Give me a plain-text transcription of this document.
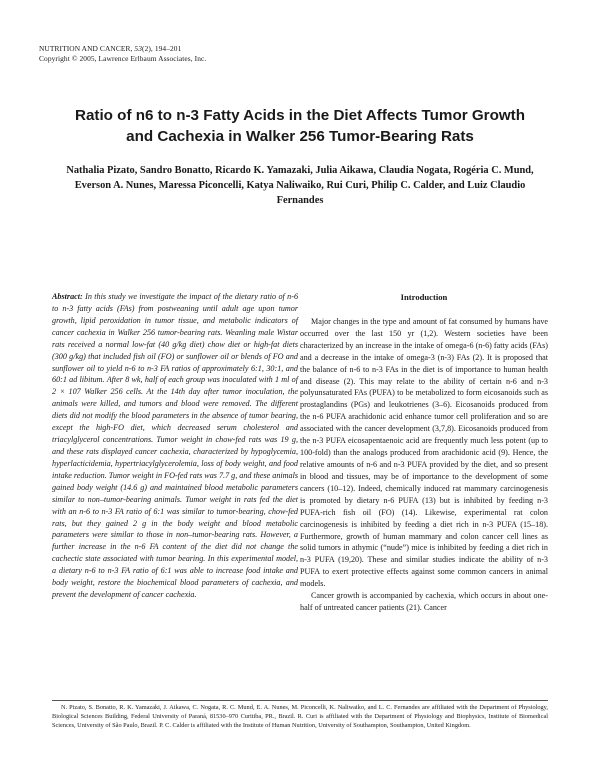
NUTRITION AND CANCER, 53(2), 194–201
Copyright © 2005, Lawrence Erlbaum Associates, Inc.
Ratio of n6 to n-3 Fatty Acids in the Diet Affects Tumor Growth and Cachexia in Walker 256 Tumor-Bearing Rats
Nathalia Pizato, Sandro Bonatto, Ricardo K. Yamazaki, Julia Aikawa, Claudia Nogata, Rogéria C. Mund, Everson A. Nunes, Maressa Piconcelli, Katya Naliwaiko, Rui Curi, Philip C. Calder, and Luiz Claudio Fernandes
Abstract: In this study we investigate the impact of the dietary ratio of n-6 to n-3 fatty acids (FAs) from postweaning until adult age upon tumor growth, lipid peroxidation in tumor tissue, and metabolic indicators of cancer cachexia in Walker 256 tumor-bearing rats. Weanling male Wistar rats received a normal low-fat (40 g/kg diet) chow diet or high-fat diets (300 g/kg) that included fish oil (FO) or sunflower oil or blends of FO and sunflower oil to yield n-6 to n-3 FA ratios of approximately 6:1, 30:1, and 60:1 ad libitum. After 8 wk, half of each group was inoculated with 1 ml of 2 × 107 Walker 256 cells. At the 14th day after tumor inoculation, the animals were killed, and tumors and blood were removed. The different diets did not modify the blood parameters in the absence of tumor bearing, except the high-FO diet, which decreased serum cholesterol and triacylglycerol concentrations. Tumor weight in chow-fed rats was 19 g, and these rats displayed cancer cachexia, characterized by hypoglycemia, hyperlacticidemia, hypertriacylglycerolemia, loss of body weight, and food intake reduction. Tumor weight in FO-fed rats was 7.7 g, and these animals gained body weight (14.6 g) and maintained blood metabolic parameters similar to non–tumor-bearing animals. Tumor weight in rats fed the diet with an n-6 to n-3 FA ratio of 6:1 was similar to tumor-bearing, chow-fed rats, but they gained 2 g in the body weight and blood metabolic parameters were similar to those in non–tumor-bearing rats. However, a further increase in the n-6 FA content of the diet did not change the cachectic state associated with tumor bearing. In this experimental model, a dietary n-6 to n-3 FA ratio of 6:1 was able to increase food intake and body weight, restore the biochemical blood parameters of cachexia, and prevent the development of cancer cachexia.
Introduction

Major changes in the type and amount of fat consumed by humans have occurred over the last 150 yr (1,2). Western societies have been characterized by an increase in the intake of omega-6 (n-6) fatty acids (FAs) and a decrease in the intake of omega-3 (n-3) FAs (2). It is proposed that the balance of n-6 to n-3 FAs in the diet is of importance to human health and disease (2). This may relate to the ability of certain n-6 and n-3 polyunsaturated FAs (PUFA) to be metabolized to form eicosanoids such as prostaglandins (PGs) and leukotrienes (3–6). Eicosanoids produced from the n-6 PUFA arachidonic acid enhance tumor cell proliferation and so are associated with the cancer development (3,7,8). Eicosanoids produced from the n-3 PUFA eicosapentaenoic acid are frequently much less potent (up to 100-fold) than the analogs produced from arachidonic acid (9). Hence, the relative amounts of n-6 and n-3 PUFA provided by the diet, and so present in blood and tissues, may be of importance to the development of some cancers (10–12). Indeed, chemically induced rat mammary carcinogenesis is promoted by dietary n-6 PUFA (13) but is inhibited by feeding n-3 PUFA-rich fish oil (FO) (14). Likewise, experimental rat colon carcinogenesis is inhibited by feeding a diet rich in n-3 PUFA (15–18). Furthermore, growth of human mammary and colon cancer cell lines as solid tumors in athymic (“nude”) mice is inhibited by feeding a diet rich in n-3 PUFA (19,20). These and similar studies indicate the ability of n-3 PUFA to exert protective effects against some common cancers in animal models.

Cancer growth is accompanied by cachexia, which occurs in about one-half of untreated cancer patients (21). Cancer

N. Pizato, S. Bonatto, R. K. Yamazaki, J. Aikawa, C. Nogata, R. C. Mund, E. A. Nunes, M. Piconcelli, K. Naliwaiko, and L. C. Fernandes are affiliated with the Department of Physiology, Biological Sciences Building, Federal University of Paraná, 81530–970 Curitiba, PR., Brazil. R. Curi is affiliated with the Department of Physiology and Biophysics, Institute of Biomedical Sciences, University of São Paulo, Brazil. P. C. Calder is affiliated with the Institute of Human Nutrition, University of Southampton, Southampton, United Kingdom.
